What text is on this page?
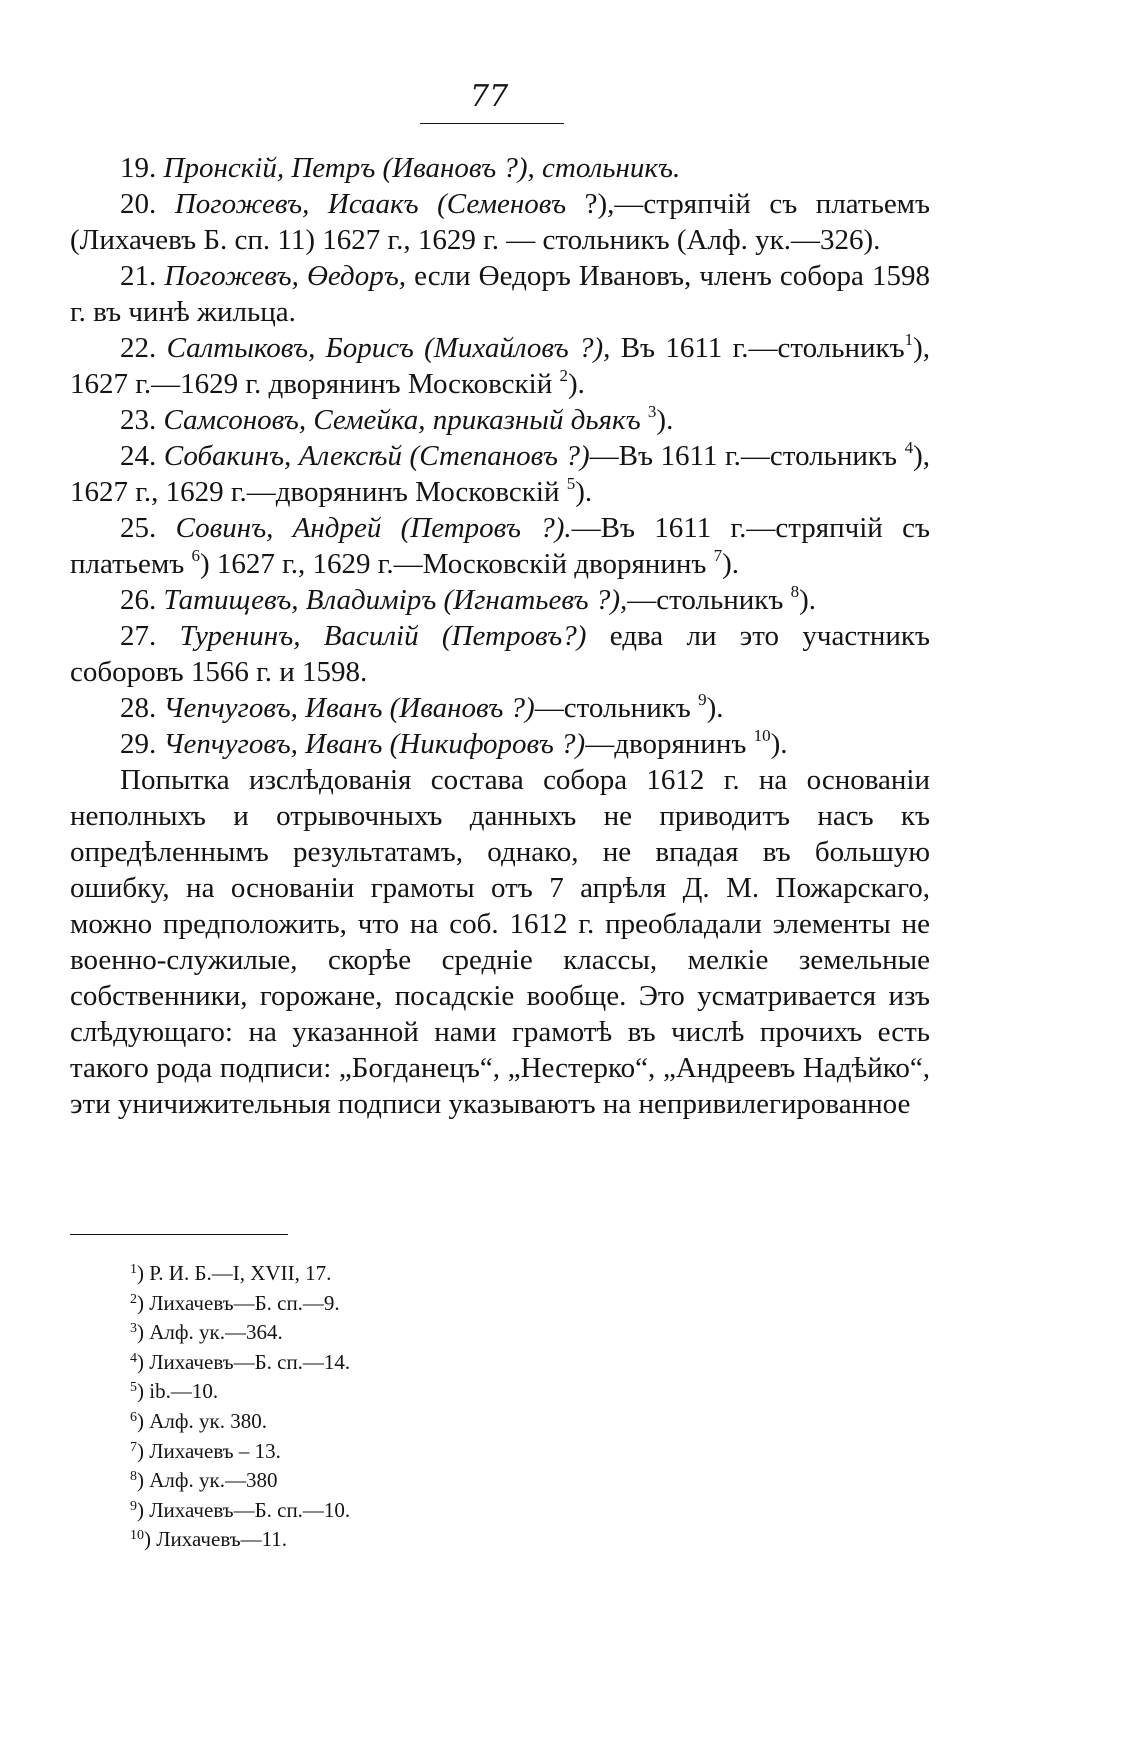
77

19. Пронскій, Петръ (Ивановъ ?), стольникъ.

20. Погожевъ, Исаакъ (Семеновъ ?),—стряпчій съ платьемъ (Лихачевъ Б. сп. 11) 1627 г., 1629 г. — стольникъ (Алф. ук.—326).

21. Погожевъ, Өедоръ, если Өедоръ Ивановъ, членъ собора 1598 г. въ чинѣ жильца.

22. Салтыковъ, Борисъ (Михайловъ ?), Въ 1611 г.—стольникъ$^1$), 1627 г.—1629 г. дворянинъ Московскій $^2$).

23. Самсоновъ, Семейка, приказный дьякъ $^3$).

24. Собакинъ, Алексѣй (Степановъ ?)—Въ 1611 г.—стольникъ $^4$), 1627 г., 1629 г.—дворянинъ Московскій $^5$).

25. Совинъ, Андрей (Петровъ ?).—Въ 1611 г.—стряпчій съ платьемъ $^6$) 1627 г., 1629 г.—Московскій дворянинъ $^7$).

26. Татищевъ, Владиміръ (Игнатьевъ ?),—стольникъ $^8$).

27. Туренинъ, Василій (Петровъ?) едва ли это участникъ соборовъ 1566 г. и 1598.

28. Чепчуговъ, Иванъ (Ивановъ ?)—стольникъ $^9$).

29. Чепчуговъ, Иванъ (Никифоровъ ?)—дворянинъ $^{10}$).

Попытка изслѣдованія состава собора 1612 г. на основаніи неполныхъ и отрывочныхъ данныхъ не приводитъ насъ къ опредѣленнымъ результатамъ, однако, не впадая въ большую ошибку, на основаніи грамоты отъ 7 апрѣля Д. М. Пожарскаго, можно предположить, что на соб. 1612 г. преобладали элементы не военно-служилые, скорѣе средніе классы, мелкіе земельные собственники, горожане, посадскіе вообще. Это усматривается изъ слѣдующаго: на указанной нами грамотѣ въ числѣ прочихъ есть такого рода подписи: „Богданецъ“, „Нестерко“, „Андреевъ Надѣйко“, эти уничижительныя подписи указываютъ на непривилегированное

$^1$) Р. И. Б.—І, XVII, 17.

$^2$) Лихачевъ—Б. сп.—9.

$^3$) Алф. ук.—364.

$^4$) Лихачевъ—Б. сп.—14.

$^5$) ib.—10.

$^6$) Алф. ук. 380.

$^7$) Лихачевъ – 13.

$^8$) Алф. ук.—380

$^9$) Лихачевъ—Б. сп.—10.

$^{10}$) Лихачевъ—11.
